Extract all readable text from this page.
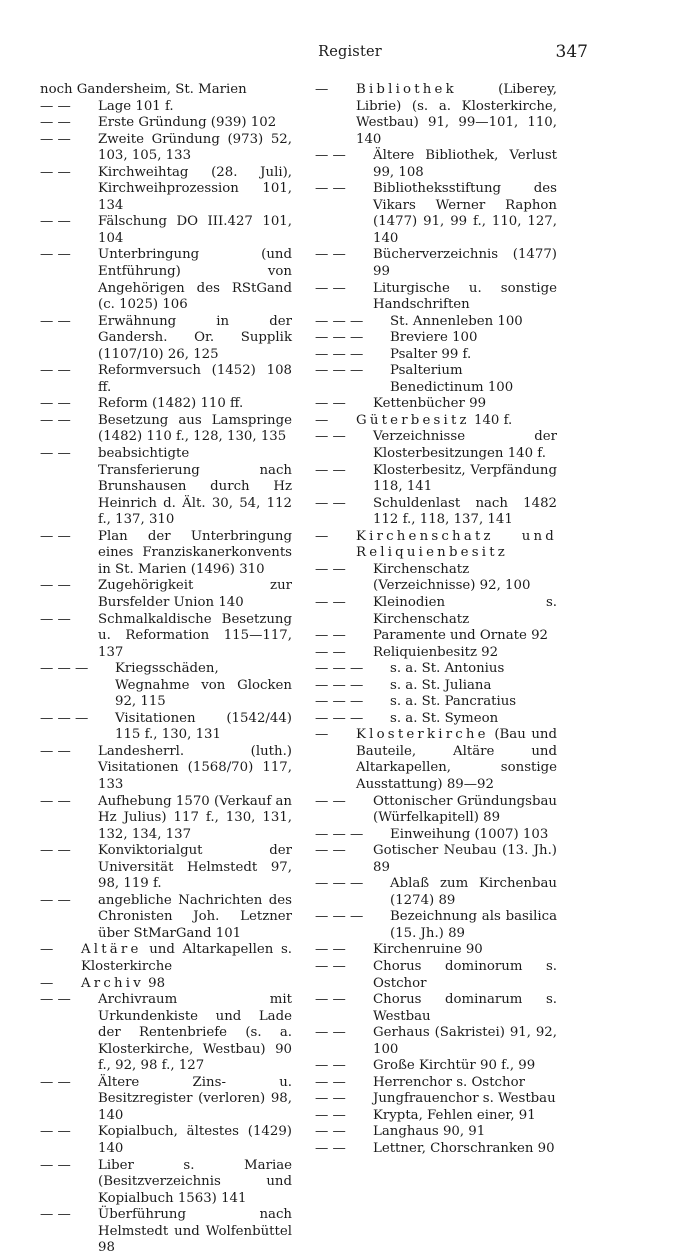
Register	347
noch Gandersheim, St. Marien
— — Lage 101 f.
— — Erste Gründung (939) 102
— — Zweite Gründung (973) 52, 103, 105, 133
— — Kirchweihtag (28. Juli), Kirchweihprozession 101, 134
— — Fälschung DO III.427 101, 104
— — Unterbringung (und Entführung) von Angehörigen des RStGand (c. 1025) 106
— — Erwähnung in der Gandersh. Or. Supplik (1107/10) 26, 125
— — Reformversuch (1452) 108 ff.
— — Reform (1482) 110 ff.
— — Besetzung aus Lamspringe (1482) 110 f., 128, 130, 135
— — beabsichtigte Transferierung nach Brunshausen durch Hz Heinrich d. Ält. 30, 54, 112 f., 137, 310
— — Plan der Unterbringung eines Franziskanerkonvents in St. Marien (1496) 310
— — Zugehörigkeit zur Bursfelder Union 140
— — Schmalkaldische Besetzung u. Reformation 115—117, 137
— — — Kriegsschäden, Wegnahme von Glocken 92, 115
— — — Visitationen (1542/44) 115 f., 130, 131
— — Landesherrl. (luth.) Visitationen (1568/70) 117, 133
— — Aufhebung 1570 (Verkauf an Hz Julius) 117 f., 130, 131, 132, 134, 137
— — Konviktorialgut der Universität Helmstedt 97, 98, 119 f.
— — angebliche Nachrichten des Chronisten Joh. Letzner über StMarGand 101
— Altäre und Altarkapellen s. Klosterkirche
— Archiv 98
— — Archivraum mit Urkundenkiste und Lade der Rentenbriefe (s. a. Klosterkirche, Westbau) 90 f., 92, 98 f., 127
— — Ältere Zins- u. Besitzregister (verloren) 98, 140
— — Kopialbuch, ältestes (1429) 140
— — Liber s. Mariae (Besitzverzeichnis und Kopialbuch 1563) 141
— — Überführung nach Helmstedt und Wolfenbüttel 98
— Bibliothek (Liberey, Librie) (s. a. Klosterkirche, Westbau) 91, 99—101, 110, 140
— — Ältere Bibliothek, Verlust 99, 108
— — Bibliotheksstiftung des Vikars Werner Raphon (1477) 91, 99 f., 110, 127, 140
— — Bücherverzeichnis (1477) 99
— — Liturgische u. sonstige Handschriften
— — — St. Annenleben 100
— — — Breviere 100
— — — Psalter 99 f.
— — — Psalterium Benedictinum 100
— — Kettenbücher 99
— Güterbesitz 140 f.
— — Verzeichnisse der Klosterbesitzungen 140 f.
— — Klosterbesitz, Verpfändung 118, 141
— — Schuldenlast nach 1482 112 f., 118, 137, 141
— Kirchenschatz und Reliquienbesitz
— — Kirchenschatz (Verzeichnisse) 92, 100
— — Kleinodien s. Kirchenschatz
— — Paramente und Ornate 92
— — Reliquienbesitz 92
— — — s. a. St. Antonius
— — — s. a. St. Juliana
— — — s. a. St. Pancratius
— — — s. a. St. Symeon
— Klosterkirche (Bau und Bauteile, Altäre und Altarkapellen, sonstige Ausstattung) 89—92
— — Ottonischer Gründungsbau (Würfelkapitell) 89
— — — Einweihung (1007) 103
— — Gotischer Neubau (13. Jh.) 89
— — — Ablaß zum Kirchenbau (1274) 89
— — — Bezeichnung als basilica (15. Jh.) 89
— — Kirchenruine 90
— — Chorus dominorum s. Ostchor
— — Chorus dominarum s. Westbau
— — Gerhaus (Sakristei) 91, 92, 100
— — Große Kirchtür 90 f., 99
— — Herrenchor s. Ostchor
— — Jungfrauenchor s. Westbau
— — Krypta, Fehlen einer, 91
— — Langhaus 90, 91
— — Lettner, Chorschranken 90
